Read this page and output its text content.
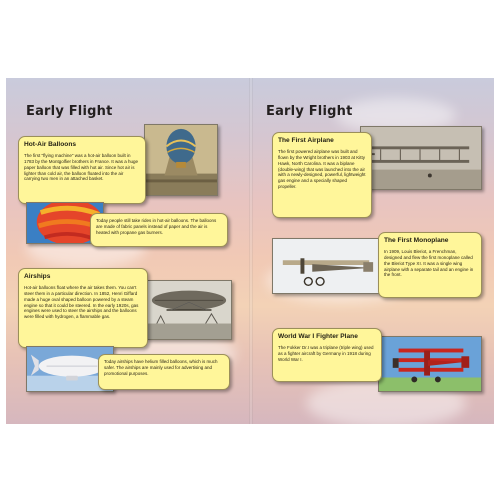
Early Flight
Hot-Air Balloons

The first "flying machine" was a hot-air balloon built in 1783 by the Montgolfier brothers in France. It was a huge paper balloon that was filled with hot air. Since hot air is lighter than cold air, the balloon floated into the air carrying two men in an attached basket.

Today people still take rides in hot-air balloons. The balloons are made of fabric panels instead of paper and the air is heated with propane gas burners.

Airships

Hot-air balloons float where the air takes them. You can't steer them in a particular direction. In 1852, Henri Giffard made a huge oval shaped balloon powered by a steam engine so that it could be steered. In the early 1920s, gas engines were used to steer the airships and the balloons were filled with hydrogen, a flammable gas.

Today airships have helium filled balloons, which is much safer. The airships are mainly used for advertising and promotional purposes.

Early Flight
The First Airplane

The first powered airplane was built and flown by the Wright brothers in 1903 at Kitty Hawk, North Carolina. It was a biplane (double-wing) that was launched into the air with a newly-designed, powerful, lightweight gas engine and a specially shaped propeller.

The First Monoplane

In 1909, Louis Bleriot, a Frenchman, designed and flew the first monoplane called the Bleriot Type XI. It was a single wing airplane with a separate tail and an engine in the front.

World War I Fighter Plane

The Fokker Dr.I was a triplane (triple wing) used as a fighter aircraft by Germany in 1918 during World War I.
